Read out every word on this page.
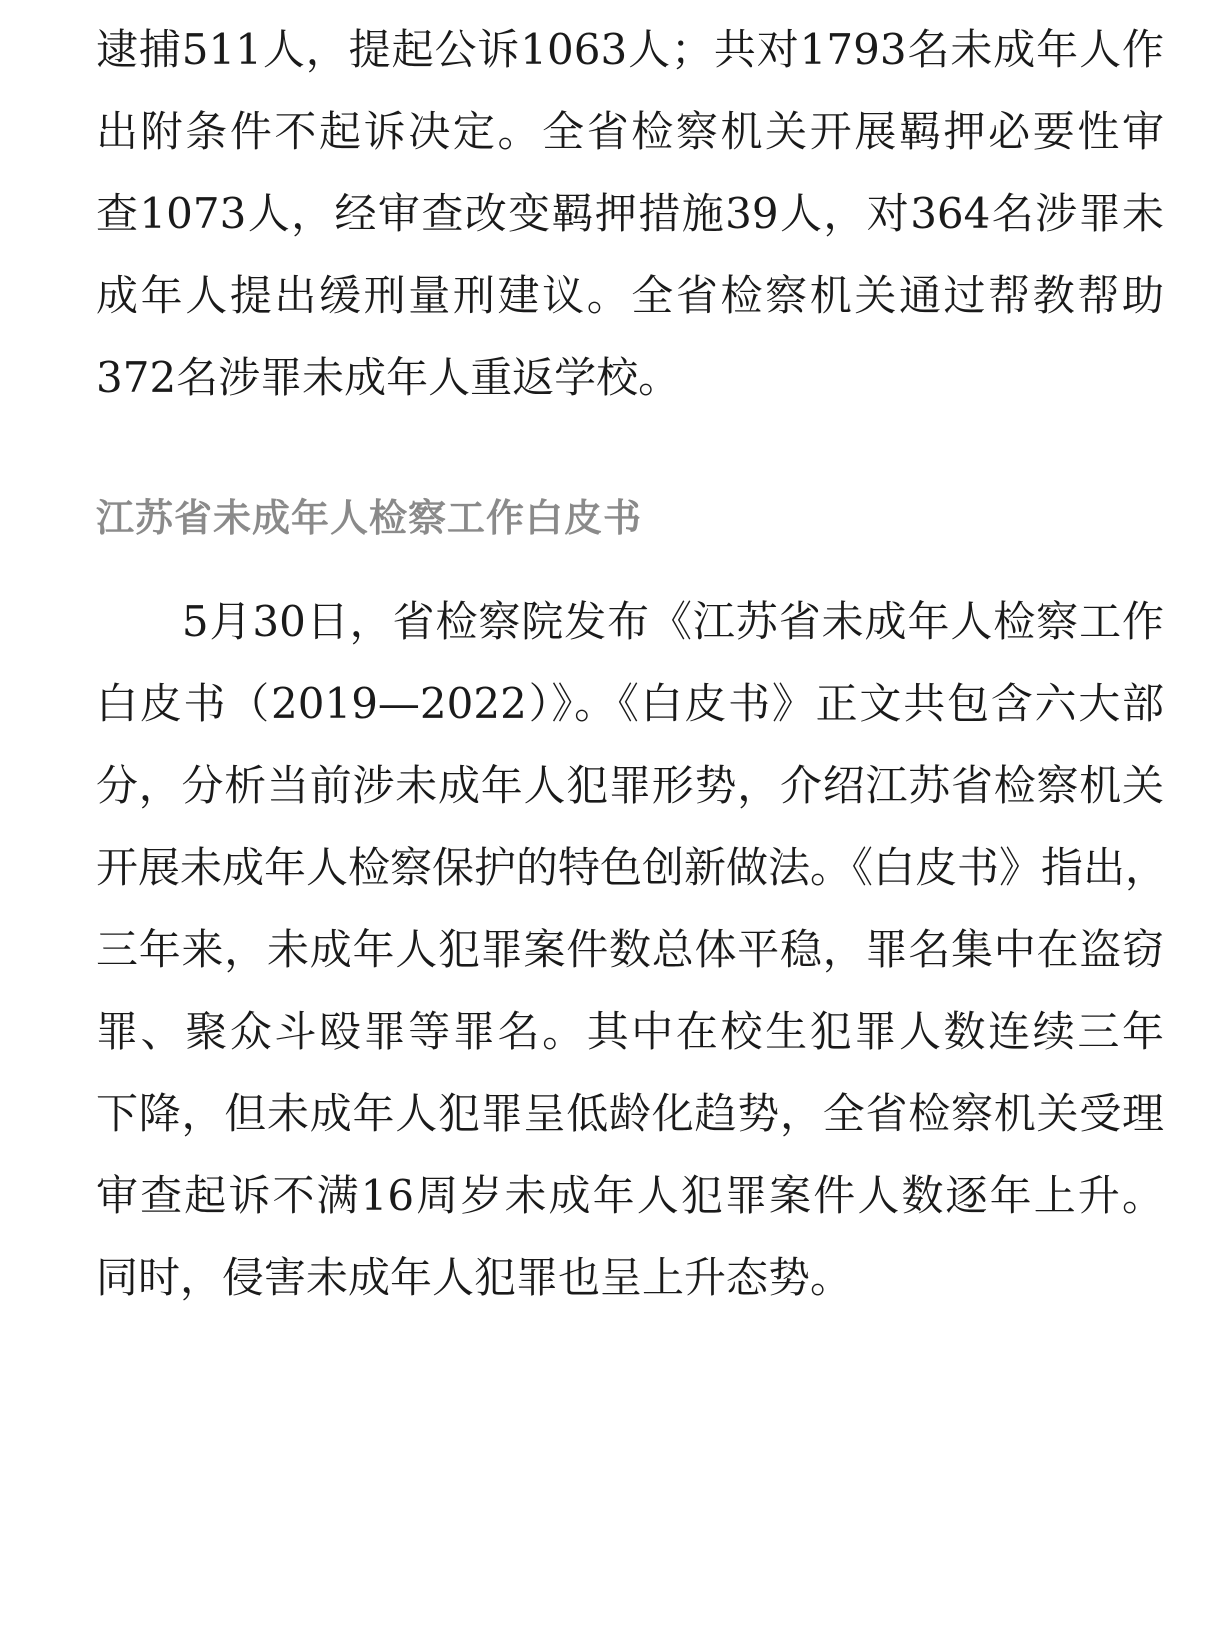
逮捕511人，提起公诉1063人；共对1793名未成年人作
出附条件不起诉决定。全省检察机关开展羁押必要性审
查1073人，经审查改变羁押措施39人，对364名涉罪未
成年人提出缓刑量刑建议。全省检察机关通过帮教帮助
372名涉罪未成年人重返学校。
江苏省未成年人检察工作白皮书
　　5月30日，省检察院发布《江苏省未成年人检察工作
白皮书（2019—2022）》。《白皮书》正文共包含六大部
分，分析当前涉未成年人犯罪形势，介绍江苏省检察机关
开展未成年人检察保护的特色创新做法。《白皮书》指出，
三年来，未成年人犯罪案件数总体平稳，罪名集中在盗窃
罪、聚众斗殴罪等罪名。其中在校生犯罪人数连续三年
下降，但未成年人犯罪呈低龄化趋势，全省检察机关受理
审查起诉不满16周岁未成年人犯罪案件人数逐年上升。
同时，侵害未成年人犯罪也呈上升态势。
